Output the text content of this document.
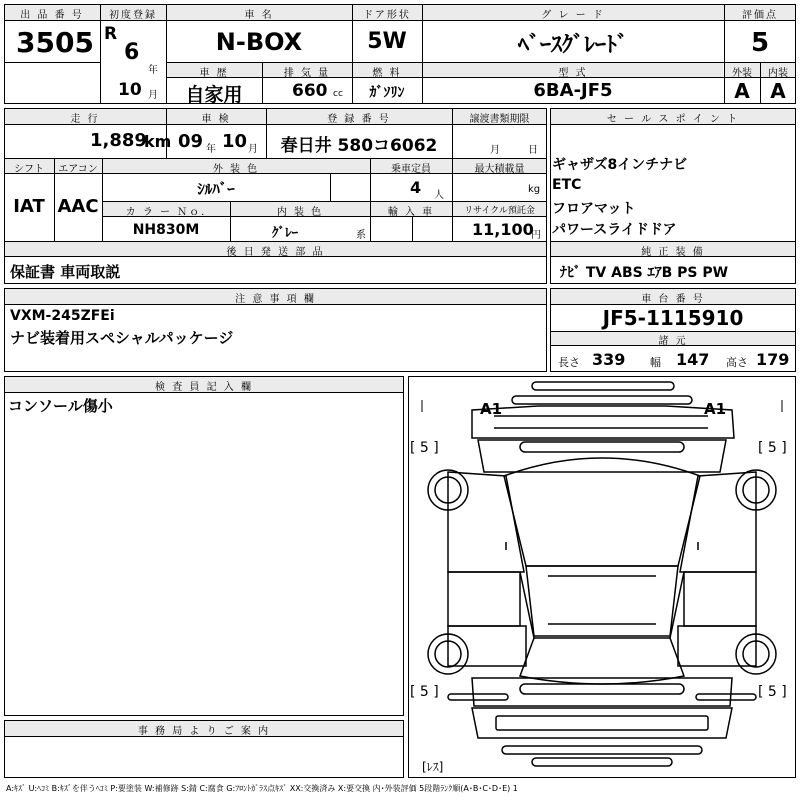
出 品 番 号
3505
初度登録
R
6
年
10 月
車 名
N-BOX
ドア形状
5W
グ レ ー ド
ﾍﾞｰｽｸﾞﾚｰﾄﾞ
評価点
5
外装	内装
A	A
車 歴
自家用
排 気 量
660 cc
燃 料
ｶﾞｿﾘﾝ
型 式
6BA-JF5
走 行
1,889
km
車 検
09 年 10 月
登 録 番 号
春日井 580コ6062
譲渡書類期限
月	日
シフト
IAT
エアコン
AAC
外 装 色
ｼﾙﾊﾞｰ
乗車定員
4 人
最大積載量
kg
カ ラ ー Ｎｏ.
NH830M
内 装 色
ｸﾞﾚｰ	系
輸 入 車	リサイクル預託金
11,100
円
後 日 発 送 部 品
保証書 車両取説
セ ー ル ス ポ イ ン ト
ギャザズ8インチナビ
ETC
フロアマット
パワースライドドア
純 正 装 備
ﾅﾋﾞ TV ABS ｴｱB PS PW
注 意 事 項 欄
VXM-245ZFEi
ナビ装着用スペシャルパッケージ
車 台 番 号
JF5-1115910
諸 元
長さ 339 幅 147 高さ 179
検 査 員 記 入 欄
コンソール傷小
事 務 局 よ り ご 案 内
A1	A1
[ 5 ]	[ 5 ]
[ 5 ]	[ 5 ]
[ﾚｽ]
A:ｷｽﾞ U:ﾍｺﾐ B:ｷｽﾞを伴うﾍｺﾐ P:要塗装 W:補修跡 S:錆 C:腐食 G:ﾌﾛﾝﾄｶﾞﾗｽ点ｷｽﾞ XX:交換済み X:要交換 内･外装評価 5段階ﾗﾝｸ順(A･B･C･D･E) 1
